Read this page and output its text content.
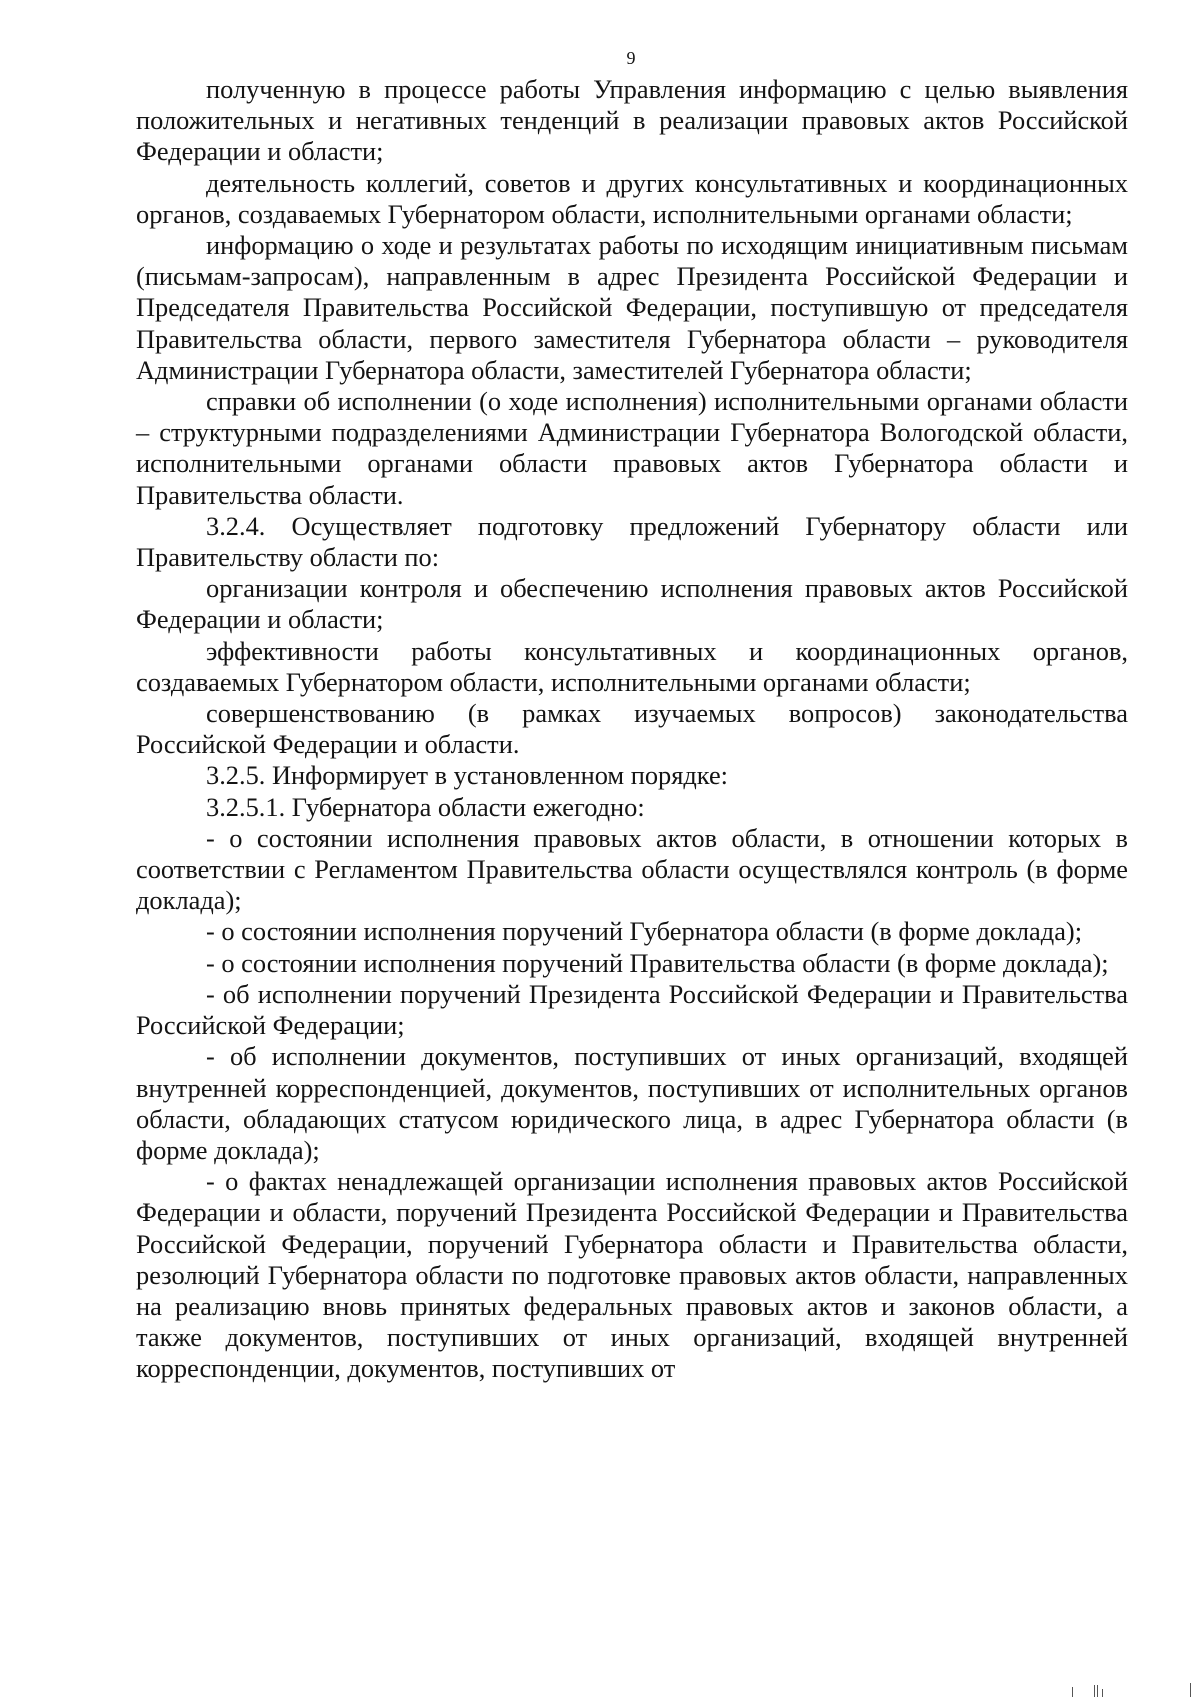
9

полученную в процессе работы Управления информацию с целью выявления положительных и негативных тенденций в реализации правовых актов Российской Федерации и области;

деятельность коллегий, советов и других консультативных и координационных органов, создаваемых Губернатором области, исполнительными органами области;

информацию о ходе и результатах работы по исходящим инициативным письмам (письмам-запросам), направленным в адрес Президента Российской Федерации и Председателя Правительства Российской Федерации, поступившую от председателя Правительства области, первого заместителя Губернатора области – руководителя Администрации Губернатора области, заместителей Губернатора области;

справки об исполнении (о ходе исполнения) исполнительными органами области – структурными подразделениями Администрации Губернатора Вологодской области, исполнительными органами области правовых актов Губернатора области и Правительства области.

3.2.4. Осуществляет подготовку предложений Губернатору области или Правительству области по:

организации контроля и обеспечению исполнения правовых актов Российской Федерации и области;

эффективности работы консультативных и координационных органов, создаваемых Губернатором области, исполнительными органами области;

совершенствованию (в рамках изучаемых вопросов) законодательства Российской Федерации и области.

3.2.5. Информирует в установленном порядке:

3.2.5.1. Губернатора области ежегодно:

- о состоянии исполнения правовых актов области, в отношении которых в соответствии с Регламентом Правительства области осуществлялся контроль (в форме доклада);

- о состоянии исполнения поручений Губернатора области (в форме доклада);

- о состоянии исполнения поручений Правительства области (в форме доклада);

- об исполнении поручений Президента Российской Федерации и Правительства Российской Федерации;

- об исполнении документов, поступивших от иных организаций, входящей внутренней корреспонденцией, документов, поступивших от исполнительных органов области, обладающих статусом юридического лица, в адрес Губернатора области (в форме доклада);

- о фактах ненадлежащей организации исполнения правовых актов Российской Федерации и области, поручений Президента Российской Федерации и Правительства Российской Федерации, поручений Губернатора области и Правительства области, резолюций Губернатора области по подготовке правовых актов области, направленных на реализацию вновь принятых федеральных правовых актов и законов области, а также документов, поступивших от иных организаций, входящей внутренней корреспонденции, документов, поступивших от
